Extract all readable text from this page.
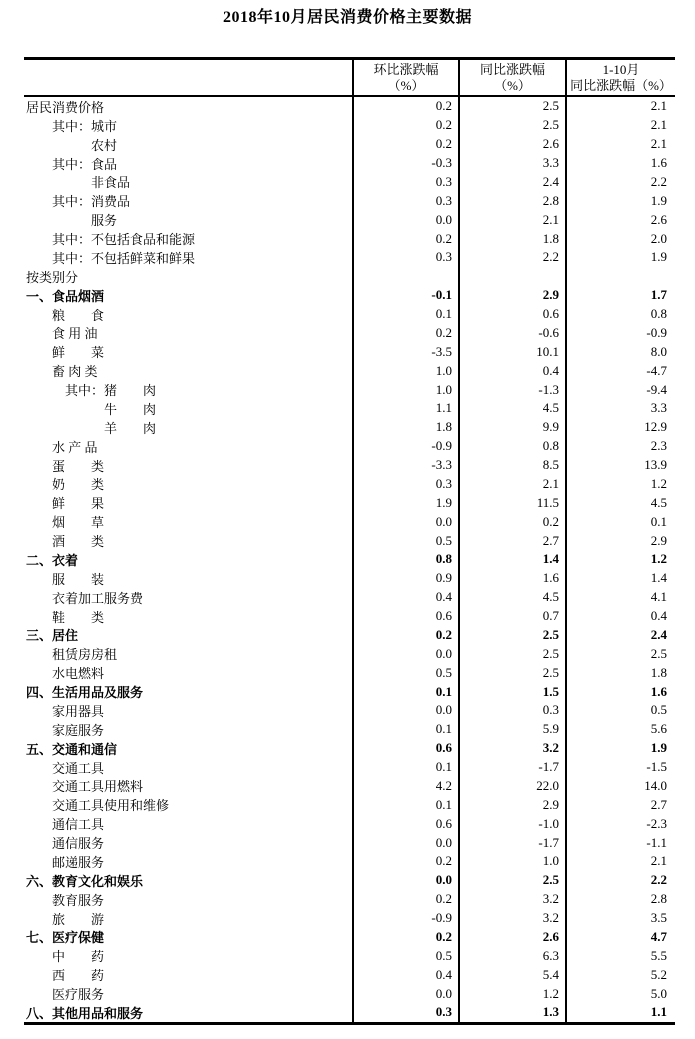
2018年10月居民消费价格主要数据
环比涨跌幅
（%）
同比涨跌幅
（%）
1-10月
同比涨跌幅（%）
居民消费价格	0.2	2.5	2.1
其中：城市	0.2	2.5	2.1
农村	0.2	2.6	2.1
其中：食品	-0.3	3.3	1.6
非食品	0.3	2.4	2.2
其中：消费品	0.3	2.8	1.9
服务	0.0	2.1	2.6
其中：不包括食品和能源	0.2	1.8	2.0
其中：不包括鲜菜和鲜果	0.3	2.2	1.9
按类别分
一、食品烟酒	-0.1	2.9	1.7
粮　　食	0.1	0.6	0.8
食 用 油	0.2	-0.6	-0.9
鲜　　菜	-3.5	10.1	8.0
畜 肉 类	1.0	0.4	-4.7
其中：猪　　肉	1.0	-1.3	-9.4
牛　　肉	1.1	4.5	3.3
羊　　肉	1.8	9.9	12.9
水 产 品	-0.9	0.8	2.3
蛋　　类	-3.3	8.5	13.9
奶　　类	0.3	2.1	1.2
鲜　　果	1.9	11.5	4.5
烟　　草	0.0	0.2	0.1
酒　　类	0.5	2.7	2.9
二、衣着	0.8	1.4	1.2
服　　装	0.9	1.6	1.4
衣着加工服务费	0.4	4.5	4.1
鞋　　类	0.6	0.7	0.4
三、居住	0.2	2.5	2.4
租赁房房租	0.0	2.5	2.5
水电燃料	0.5	2.5	1.8
四、生活用品及服务	0.1	1.5	1.6
家用器具	0.0	0.3	0.5
家庭服务	0.1	5.9	5.6
五、交通和通信	0.6	3.2	1.9
交通工具	0.1	-1.7	-1.5
交通工具用燃料	4.2	22.0	14.0
交通工具使用和维修	0.1	2.9	2.7
通信工具	0.6	-1.0	-2.3
通信服务	0.0	-1.7	-1.1
邮递服务	0.2	1.0	2.1
六、教育文化和娱乐	0.0	2.5	2.2
教育服务	0.2	3.2	2.8
旅　　游	-0.9	3.2	3.5
七、医疗保健	0.2	2.6	4.7
中　　药	0.5	6.3	5.5
西　　药	0.4	5.4	5.2
医疗服务	0.0	1.2	5.0
八、其他用品和服务	0.3	1.3	1.1
